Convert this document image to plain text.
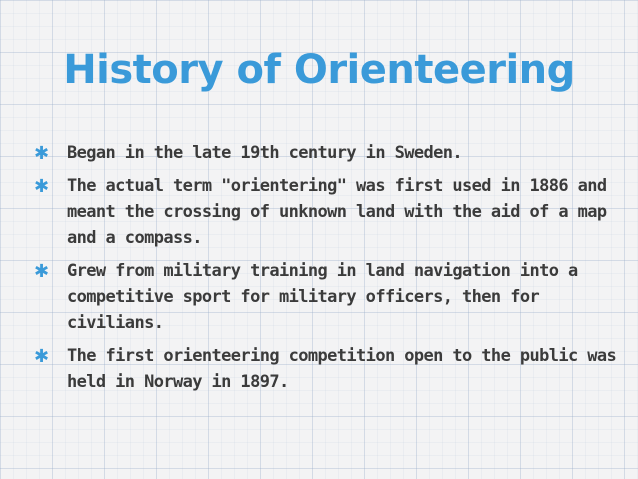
History of Orienteering
✱ Began in the late 19th century in Sweden.
✱ The actual term "orientering" was first used in 1886 and meant the crossing of unknown land with the aid of a map and a compass.
✱ Grew from military training in land navigation into a competitive sport for military officers, then for civilians.
✱ The first orienteering competition open to the public was held in Norway in 1897.
